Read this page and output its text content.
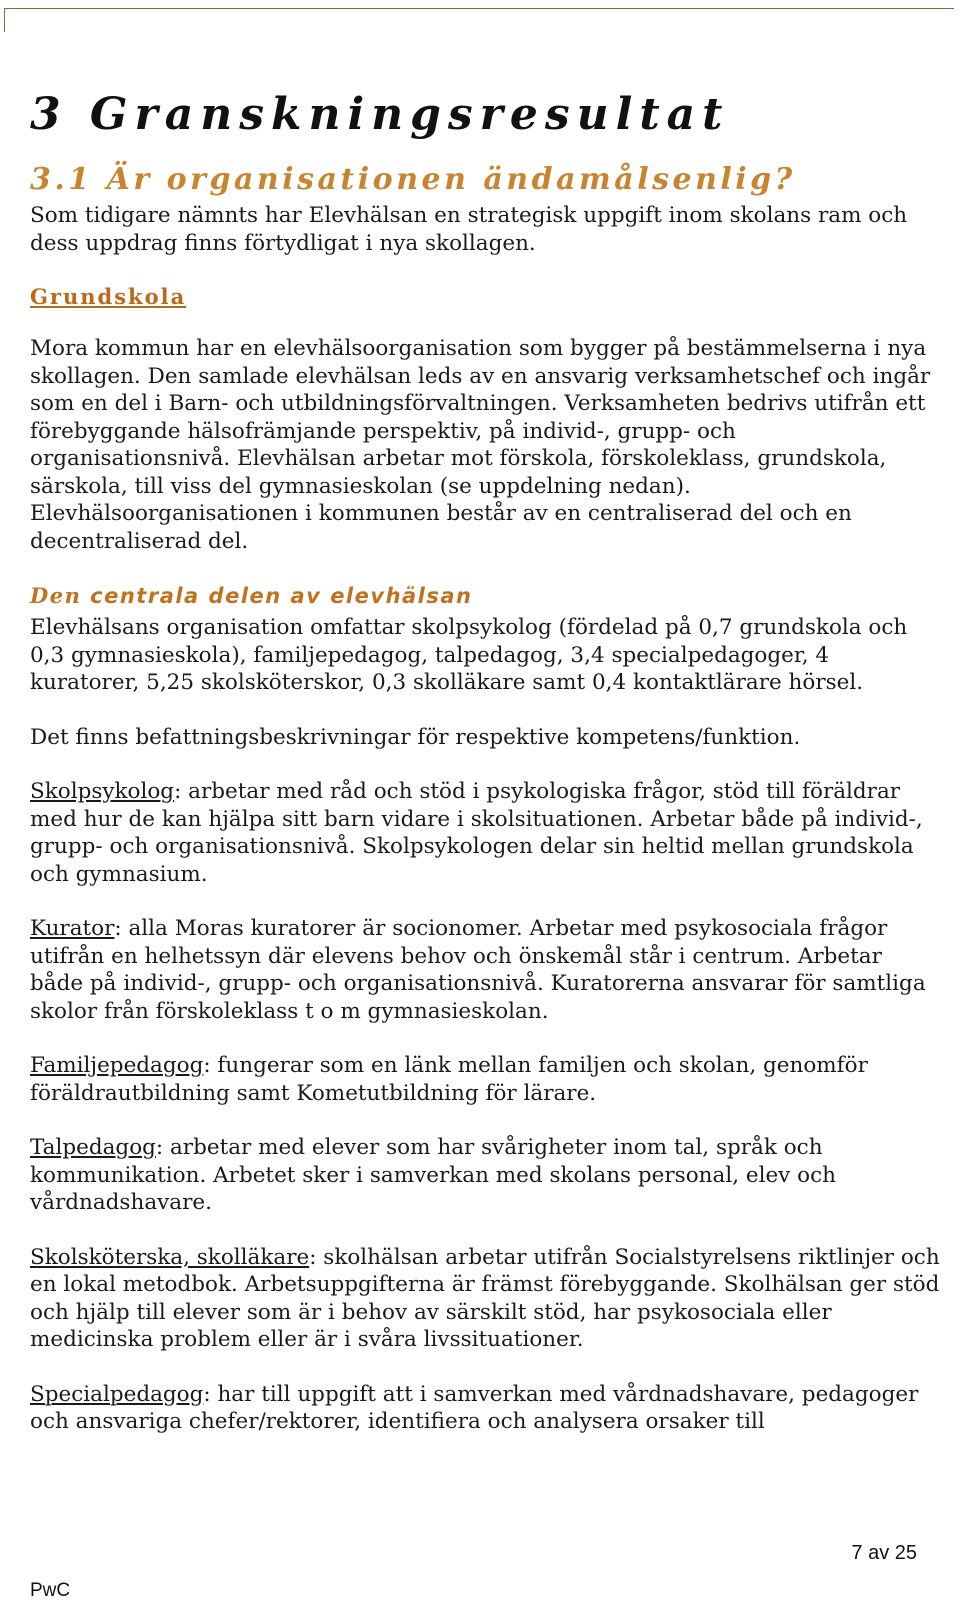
3 Granskningsresultat
3.1 Är organisationen ändamålsenlig?

Som tidigare nämnts har Elevhälsan en strategisk uppgift inom skolans ram och dess uppdrag finns förtydligat i nya skollagen.

Grundskola

Mora kommun har en elevhälsoorganisation som bygger på bestämmelserna i nya skollagen. Den samlade elevhälsan leds av en ansvarig verksamhetschef och ingår som en del i Barn- och utbildningsförvaltningen. Verksamheten bedrivs utifrån ett förebyggande hälsofrämjande perspektiv, på individ-, grupp- och organisationsnivå. Elevhälsan arbetar mot förskola, förskoleklass, grundskola, särskola, till viss del gymnasieskolan (se uppdelning nedan). Elevhälsoorganisationen i kommunen består av en centraliserad del och en decentraliserad del.

Den centrala delen av elevhälsan

Elevhälsans organisation omfattar skolpsykolog (fördelad på 0,7 grundskola och 0,3 gymnasieskola), familjepedagog, talpedagog, 3,4 specialpedagoger, 4 kuratorer, 5,25 skolsköterskor, 0,3 skolläkare samt 0,4 kontaktlärare hörsel.

Det finns befattningsbeskrivningar för respektive kompetens/funktion.

Skolpsykolog: arbetar med råd och stöd i psykologiska frågor, stöd till föräldrar med hur de kan hjälpa sitt barn vidare i skolsituationen. Arbetar både på individ-, grupp- och organisationsnivå. Skolpsykologen delar sin heltid mellan grundskola och gymnasium.

Kurator: alla Moras kuratorer är socionomer. Arbetar med psykosociala frågor utifrån en helhetssyn där elevens behov och önskemål står i centrum. Arbetar både på individ-, grupp- och organisationsnivå. Kuratorerna ansvarar för samtliga skolor från förskoleklass t o m gymnasieskolan.

Familjepedagog: fungerar som en länk mellan familjen och skolan, genomför föräldrautbildning samt Kometutbildning för lärare.

Talpedagog: arbetar med elever som har svårigheter inom tal, språk och kommunikation. Arbetet sker i samverkan med skolans personal, elev och vårdnadshavare.

Skolsköterska, skolläkare: skolhälsan arbetar utifrån Socialstyrelsens riktlinjer och en lokal metodbok. Arbetsuppgifterna är främst förebyggande. Skolhälsan ger stöd och hjälp till elever som är i behov av särskilt stöd, har psykosociala eller medicinska problem eller är i svåra livssituationer.

Specialpedagog: har till uppgift att i samverkan med vårdnadshavare, pedagoger och ansvariga chefer/rektorer, identifiera och analysera orsaker till

7 av 25
PwC
